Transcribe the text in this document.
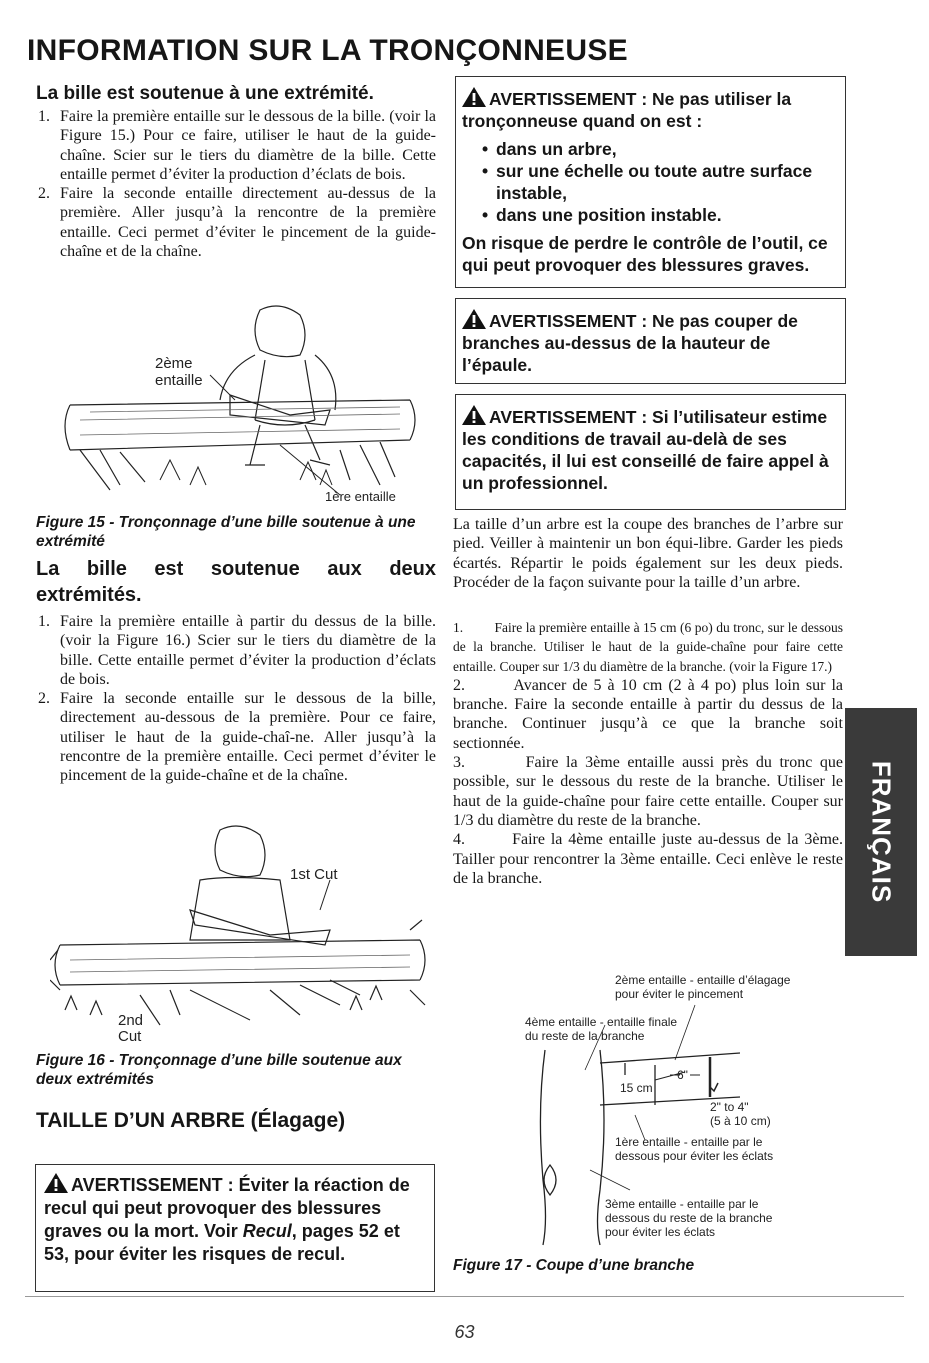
INFORMATION SUR LA TRONÇONNEUSE
La bille est soutenue à une extrémité.
1. Faire la première entaille sur le dessous de la bille. (voir la Figure 15.) Pour ce faire, utiliser le haut de la guide-chaîne. Scier sur le tiers du diamètre de la bille. Cette entaille permet d’éviter la production d’éclats de bois.
2. Faire la seconde entaille directement au-dessus de la première. Aller jusqu’à la rencontre de la première entaille. Ceci permet d’éviter le pincement de la guide-chaîne et de la chaîne.
2ème
entaille
1ère entaille
Figure 15 - Tronçonnage d’une bille soutenue à une extrémité
La bille est soutenue aux deux extrémités.
1. Faire la première entaille à partir du dessus de la bille. (voir la Figure 16.) Scier sur le tiers du diamètre de la bille. Cette entaille permet d’éviter la production d’éclats de bois.
2. Faire la seconde entaille sur le dessous de la bille, directement au-dessous de la première. Pour ce faire, utiliser le haut de la guide-chaî-ne. Aller jusqu’à la rencontre de la première entaille. Ceci permet d’éviter le pincement de la guide-chaîne et de la chaîne.
1st Cut
2nd
Cut
Figure 16 - Tronçonnage d’une bille soutenue aux deux extrémités
TAILLE D’UN ARBRE (Élagage)
AVERTISSEMENT : Éviter la réaction de recul qui peut provoquer des blessures graves ou la mort. Voir Recul, pages 52 et 53, pour éviter les risques de recul.
AVERTISSEMENT : Ne pas utiliser la tronçonneuse quand on est :
• dans un arbre,
• sur une échelle ou toute autre surface instable,
• dans une position instable.
On risque de perdre le contrôle de l’outil, ce qui peut provoquer des blessures graves.
AVERTISSEMENT : Ne pas couper de branches au-dessus de la hauteur de l’épaule.
AVERTISSEMENT : Si l’utilisateur estime les conditions de travail au-delà de ses capacités, il lui est conseillé de faire appel à un professionnel.
La taille d’un arbre est la coupe des branches de l’arbre sur pied. Veiller à maintenir un bon équi-libre. Garder les pieds écartés. Répartir le poids également sur les deux pieds. Procéder de la façon suivante pour la taille d’un arbre.
1. Faire la première entaille à 15 cm (6 po) du tronc, sur le dessous de la branche. Utiliser le haut de la guide-chaîne pour faire cette entaille. Couper sur 1/3 du diamètre de la branche. (voir la Figure 17.)
2.	Avancer de 5 à 10 cm (2 à 4 po) plus loin sur la branche. Faire la seconde entaille à partir du dessus de la branche. Continuer jusqu’à ce que la branche soit sectionnée.
3.	Faire la 3ème entaille aussi près du tronc que possible, sur le dessous du reste de la branche. Utiliser le haut de la guide-chaîne pour faire cette entaille. Couper sur 1/3 du diamètre du reste de la branche.
4.	Faire la 4ème entaille juste au-dessus de la 3ème. Tailler pour rencontrer la 3ème entaille. Ceci enlève le reste de la branche.
2ème entaille - entaille d’élagage
pour éviter le pincement
4ème entaille - entaille finale
du reste de la branche
6"
15 cm
2" to 4"
(5 à 10 cm)
1ère entaille - entaille par le
dessous pour éviter les éclats
3ème entaille - entaille par le
dessous du reste de la branche
pour éviter les éclats
Figure 17 - Coupe d’une branche
FRANÇAIS
63
